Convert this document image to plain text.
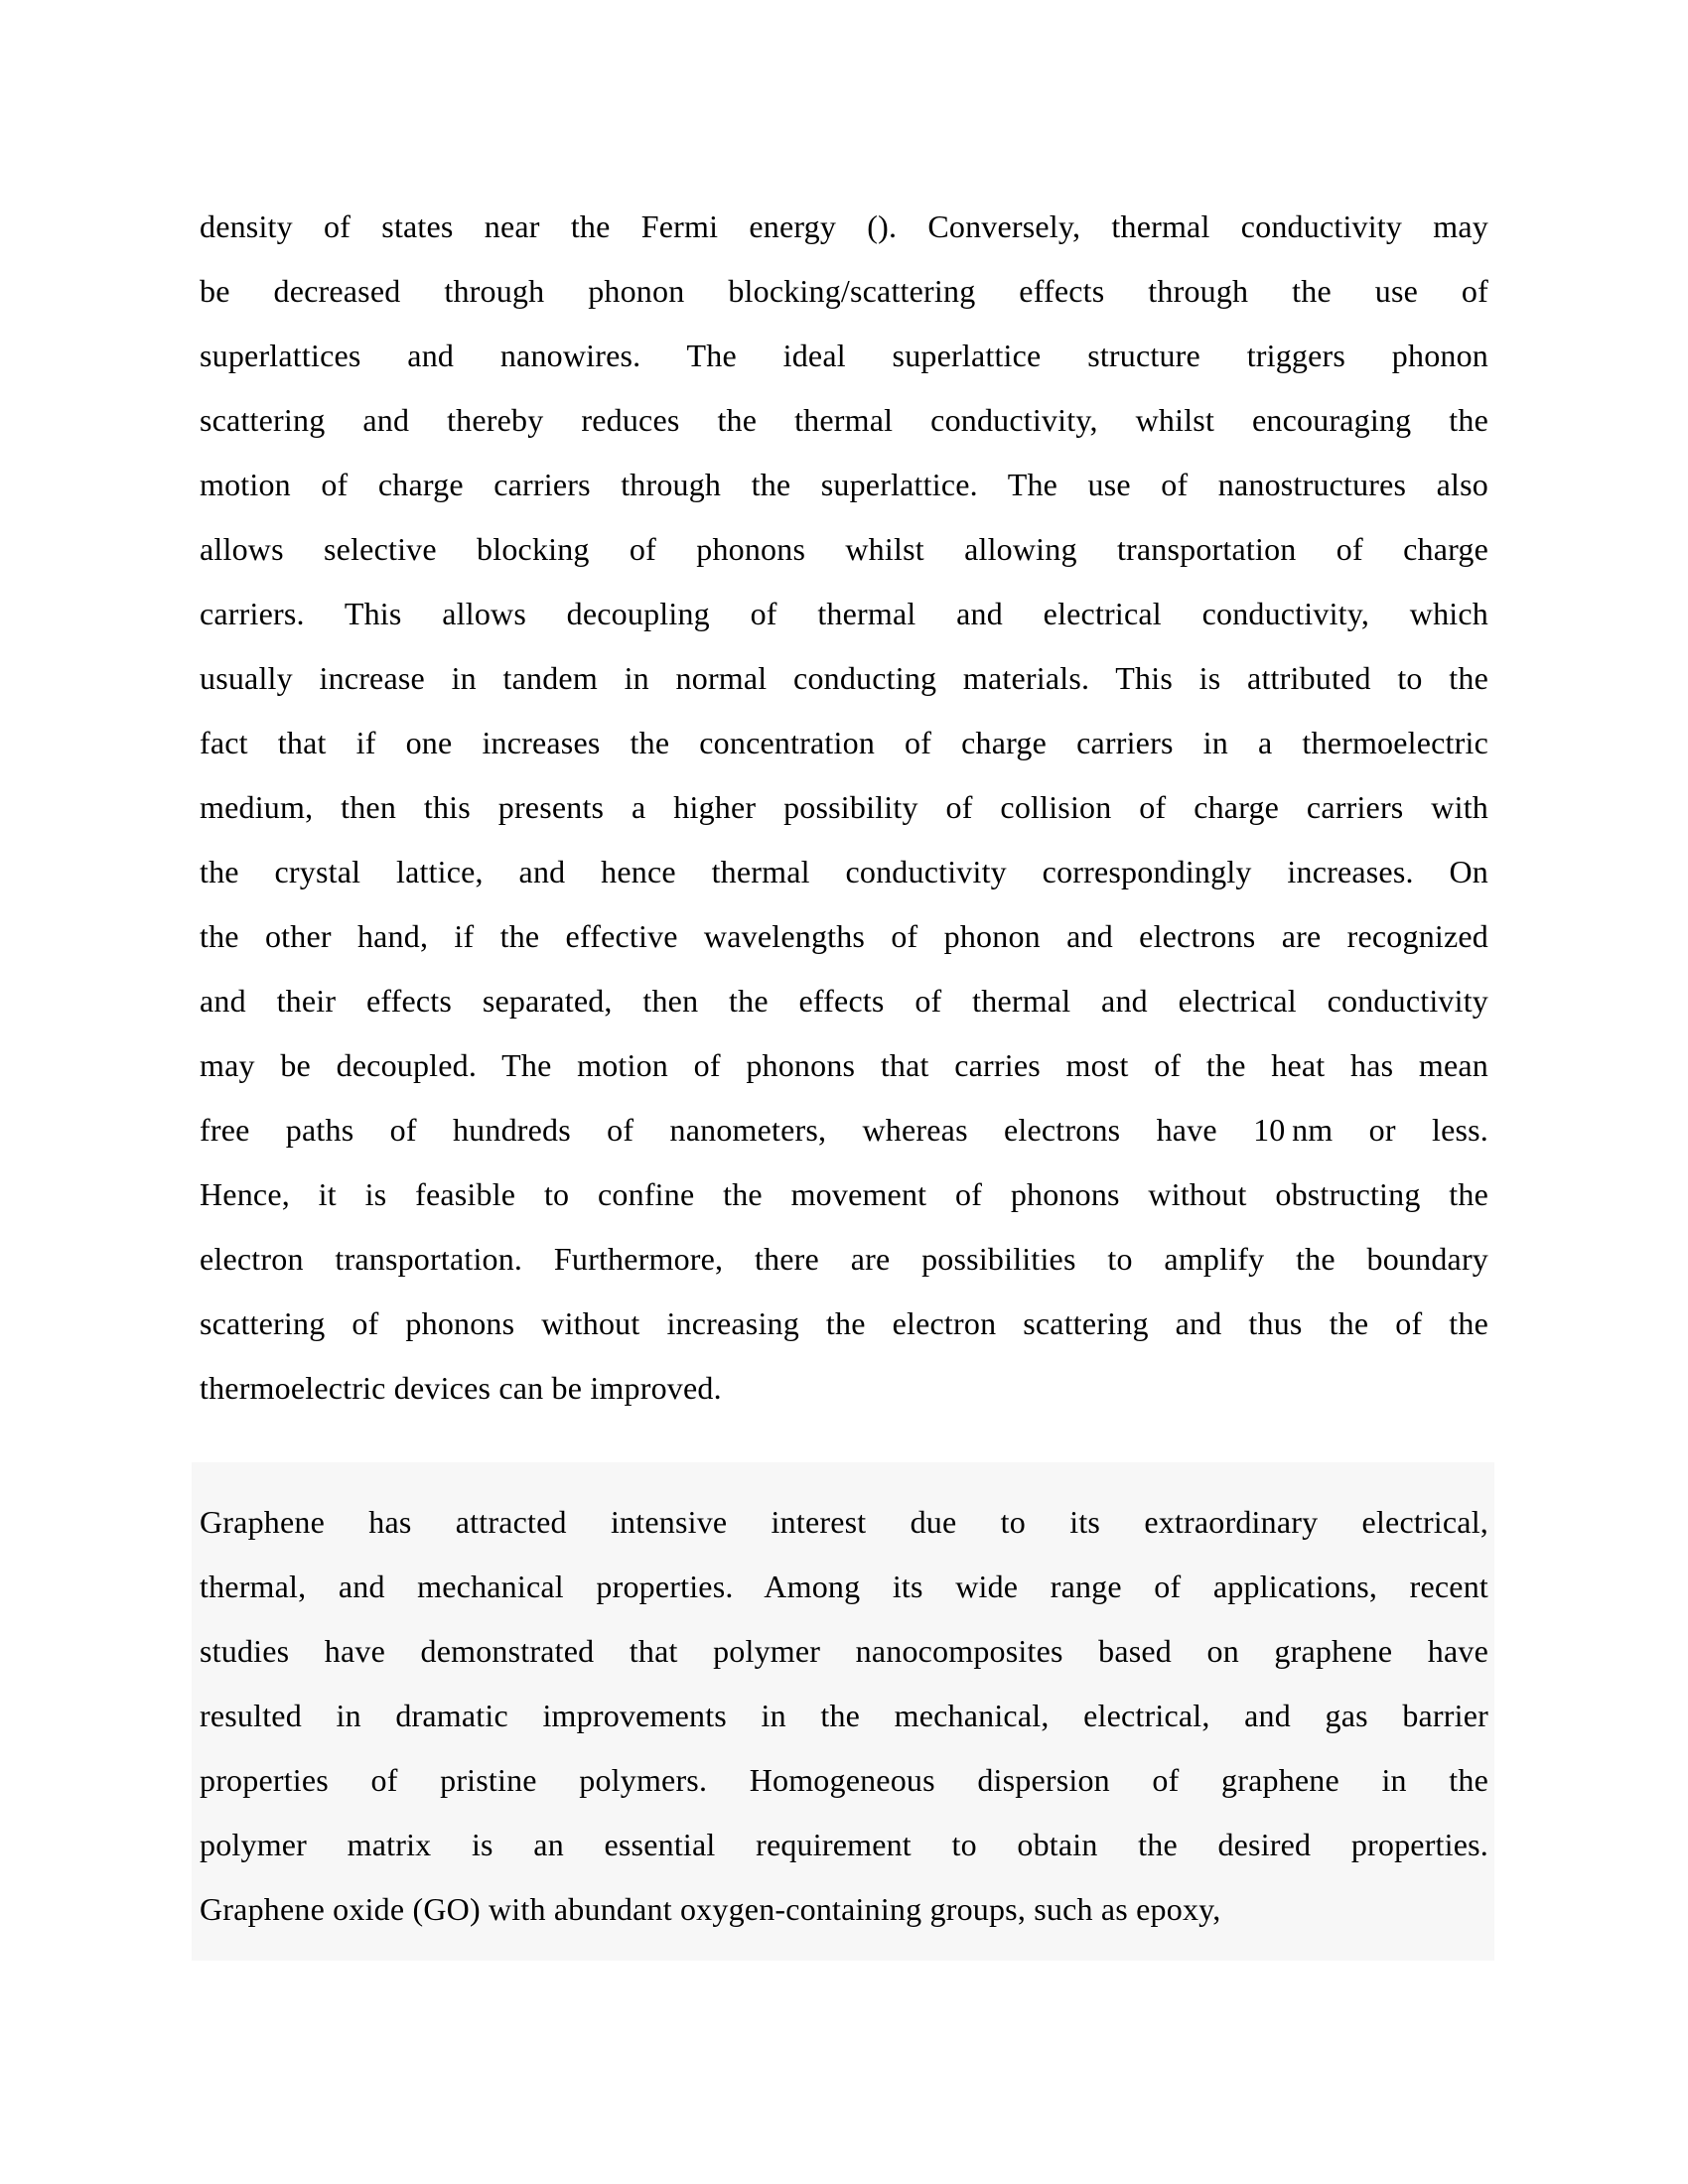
density of states near the Fermi energy (). Conversely, thermal conductivity may
be decreased through phonon blocking/scattering effects through the use of
superlattices and nanowires. The ideal superlattice structure triggers phonon
scattering and thereby reduces the thermal conductivity, whilst encouraging the
motion of charge carriers through the superlattice. The use of nanostructures also
allows selective blocking of phonons whilst allowing transportation of charge
carriers. This allows decoupling of thermal and electrical conductivity, which
usually increase in tandem in normal conducting materials. This is attributed to the
fact that if one increases the concentration of charge carriers in a thermoelectric
medium, then this presents a higher possibility of collision of charge carriers with
the crystal lattice, and hence thermal conductivity correspondingly increases. On
the other hand, if the effective wavelengths of phonon and electrons are recognized
and their effects separated, then the effects of thermal and electrical conductivity
may be decoupled. The motion of phonons that carries most of the heat has mean
free paths of hundreds of nanometers, whereas electrons have 10 nm or less.
Hence, it is feasible to confine the movement of phonons without obstructing the
electron transportation. Furthermore, there are possibilities to amplify the boundary
scattering of phonons without increasing the electron scattering and thus the of the
thermoelectric devices can be improved.
Graphene has attracted intensive interest due to its extraordinary electrical,
thermal, and mechanical properties. Among its wide range of applications, recent
studies have demonstrated that polymer nanocomposites based on graphene have
resulted in dramatic improvements in the mechanical, electrical, and gas barrier
properties of pristine polymers. Homogeneous dispersion of graphene in the
polymer matrix is an essential requirement to obtain the desired properties.
Graphene oxide (GO) with abundant oxygen-containing groups, such as epoxy,
